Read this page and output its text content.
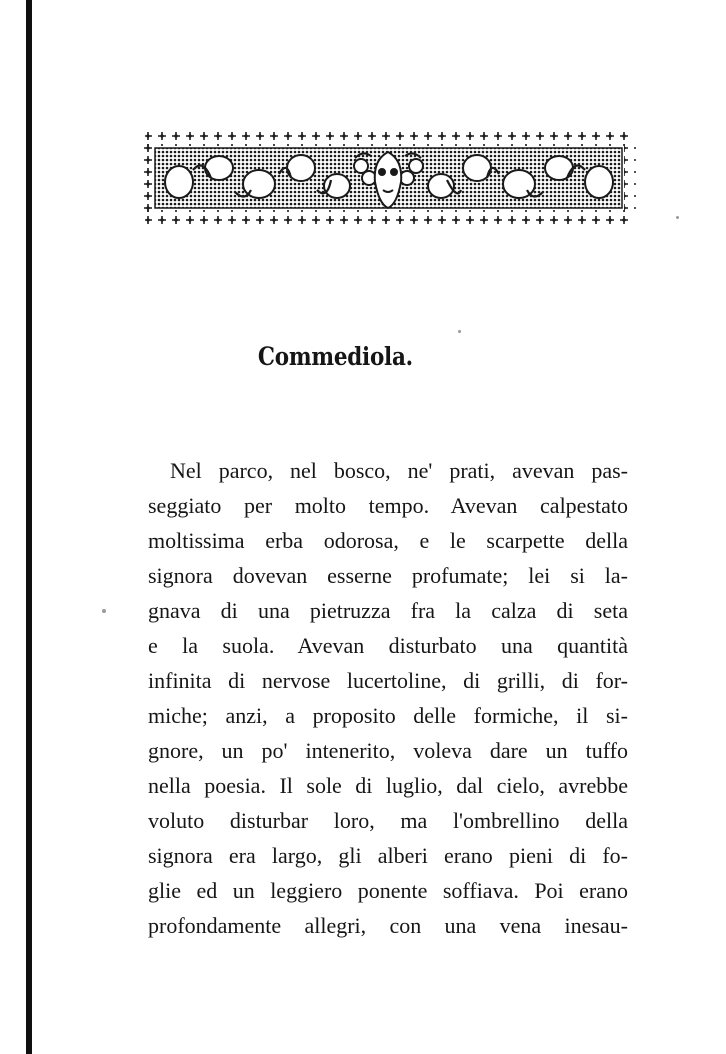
Commediola.
Nel parco, nel bosco, ne' prati, avevan pas-
seggiato per molto tempo. Avevan calpestato
moltissima erba odorosa, e le scarpette della
signora dovevan esserne profumate; lei si la-
gnava di una pietruzza fra la calza di seta
e la suola. Avevan disturbato una quantità
infinita di nervose lucertoline, di grilli, di for-
miche; anzi, a proposito delle formiche, il si-
gnore, un po' intenerito, voleva dare un tuffo
nella poesia. Il sole di luglio, dal cielo, avrebbe
voluto disturbar loro, ma l'ombrellino della
signora era largo, gli alberi erano pieni di fo-
glie ed un leggiero ponente soffiava. Poi erano
profondamente allegri, con una vena inesau-
